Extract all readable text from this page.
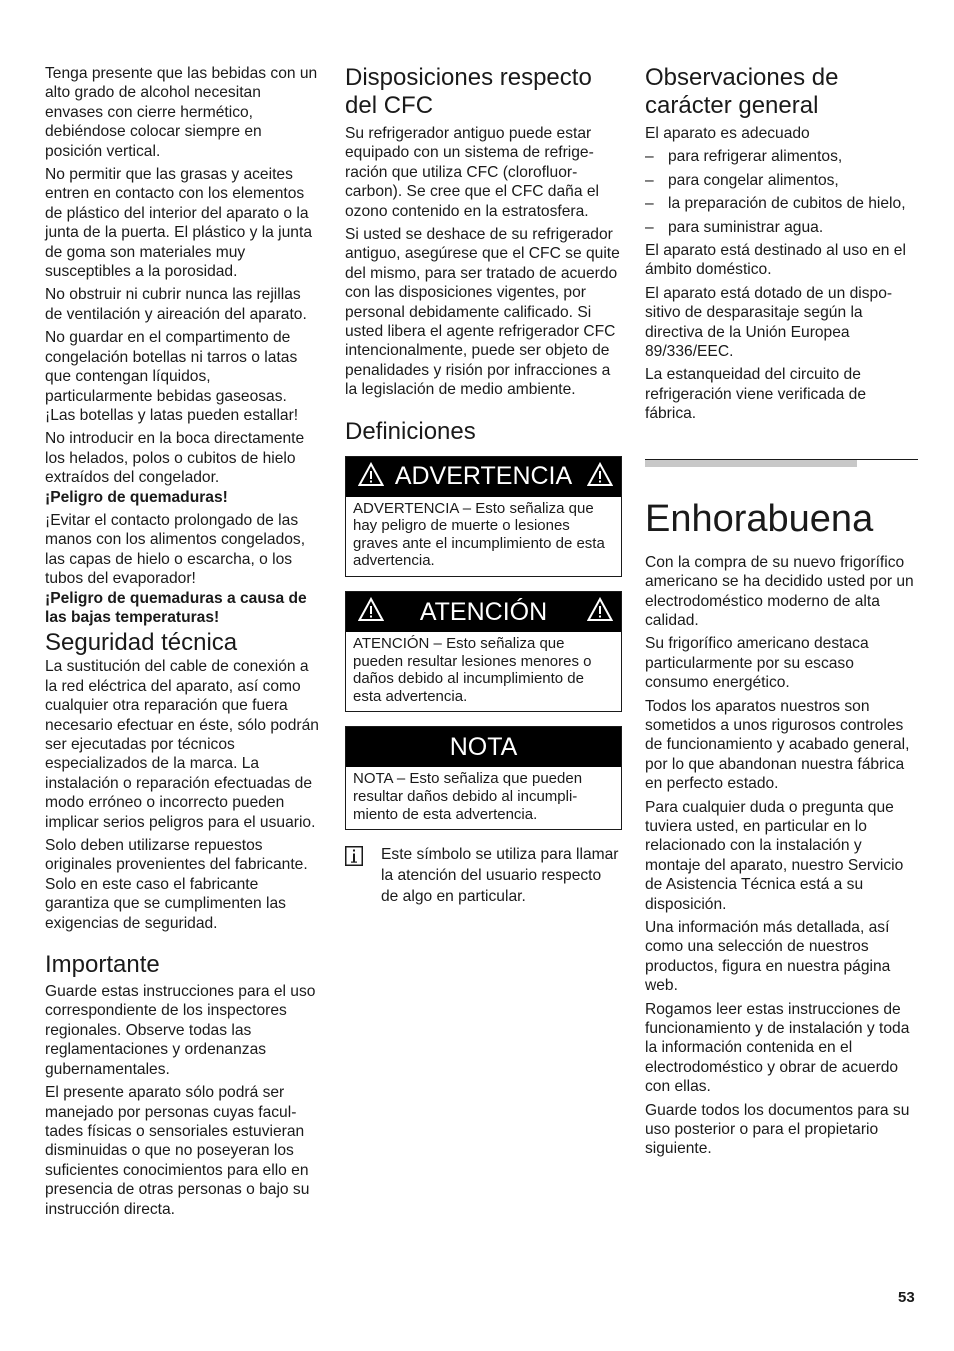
Tenga presente que las bebidas con un alto grado de alcohol necesitan envases con cierre hermético, debiéndose colocar siempre en posición vertical.

No permitir que las grasas y aceites entren en contacto con los elementos de plástico del interior del aparato o la junta de la puerta. El plástico y la junta de goma son materiales muy susceptibles a la porosidad.

No obstruir ni cubrir nunca las rejillas de ventilación y aireación del aparato.

No guardar en el compartimento de congelación botellas ni tarros o latas que contengan líquidos, particularmente bebidas gaseosas. ¡Las botellas y latas pueden estallar!

No introducir en la boca directamente los helados, polos o cubitos de hielo extraídos del congelador.

¡Peligro de quemaduras!

¡Evitar el contacto prolongado de las manos con los alimentos congelados, las capas de hielo o escarcha, o los tubos del evaporador!

¡Peligro de quemaduras a causa de las bajas temperaturas!

Seguridad técnica

La sustitución del cable de conexión a la red eléctrica del aparato, así como cualquier otra reparación que fuera necesario efectuar en éste, sólo podrán ser ejecutadas por técnicos especializados de la marca. La instalación o reparación efectuadas de modo erróneo o incorrecto pueden implicar serios peligros para el usuario.

Solo deben utilizarse repuestos originales provenientes del fabricante. Solo en este caso el fabricante garantiza que se cumplimenten las exigencias de seguridad.

Importante

Guarde estas instrucciones para el uso correspondiente de los inspectores regionales. Observe todas las reglamentaciones y ordenanzas gubernamentales.

El presente aparato sólo podrá ser manejado por personas cuyas facultades físicas o sensoriales estuvieran disminuidas o que no poseyeran los suficientes conocimientos para ello en presencia de otras personas o bajo su instrucción directa.

Disposiciones respecto del CFC

Su refrigerador antiguo puede estar equipado con un sistema de refrigeración que utiliza CFC (clorofluorcarbon). Se cree que el CFC daña el ozono contenido en la estratosfera.

Si usted se deshace de su refrigerador antiguo, asegúrese que el CFC se quite del mismo, para ser tratado de acuerdo con las disposiciones vigentes, por personal debidamente calificado. Si usted libera el agente refrigerador CFC intencionalmente, puede ser objeto de penalidades y risión por infracciones a la legislación de medio ambiente.

Definiciones
ADVERTENCIA
ADVERTENCIA – Esto señaliza que hay peligro de muerte o lesiones graves ante el incumplimiento de esta advertencia.
ATENCIÓN
ATENCIÓN – Esto señaliza que pueden resultar lesiones menores o daños debido al incumplimiento de esta advertencia.
NOTA
NOTA – Esto señaliza que pueden resultar daños debido al incumplimiento de esta advertencia.
Este símbolo se utiliza para llamar la atención del usuario respecto de algo en particular.
Observaciones de carácter general

El aparato es adecuado

– para refrigerar alimentos,
– para congelar alimentos,
– la preparación de cubitos de hielo,
– para suministrar agua.

El aparato está destinado al uso en el ámbito doméstico.

El aparato está dotado de un dispositivo de desparasitaje según la directiva de la Unión Europea 89/336/EEC.

La estanqueidad del circuito de refrigeración viene verificada de fábrica.

Enhorabuena

Con la compra de su nuevo frigorífico americano se ha decidido usted por un electrodoméstico moderno de alta calidad.

Su frigorífico americano destaca particularmente por su escaso consumo energético.

Todos los aparatos nuestros son sometidos a unos rigurosos controles de funcionamiento y acabado general, por lo que abandonan nuestra fábrica en perfecto estado.

Para cualquier duda o pregunta que tuviera usted, en particular en lo relacionado con la instalación y montaje del aparato, nuestro Servicio de Asistencia Técnica está a su disposición.

Una información más detallada, así como una selección de nuestros productos, figura en nuestra página web.

Rogamos leer estas instrucciones de funcionamiento y de instalación y toda la información contenida en el electrodoméstico y obrar de acuerdo con ellas.

Guarde todos los documentos para su uso posterior o para el propietario siguiente.

53
